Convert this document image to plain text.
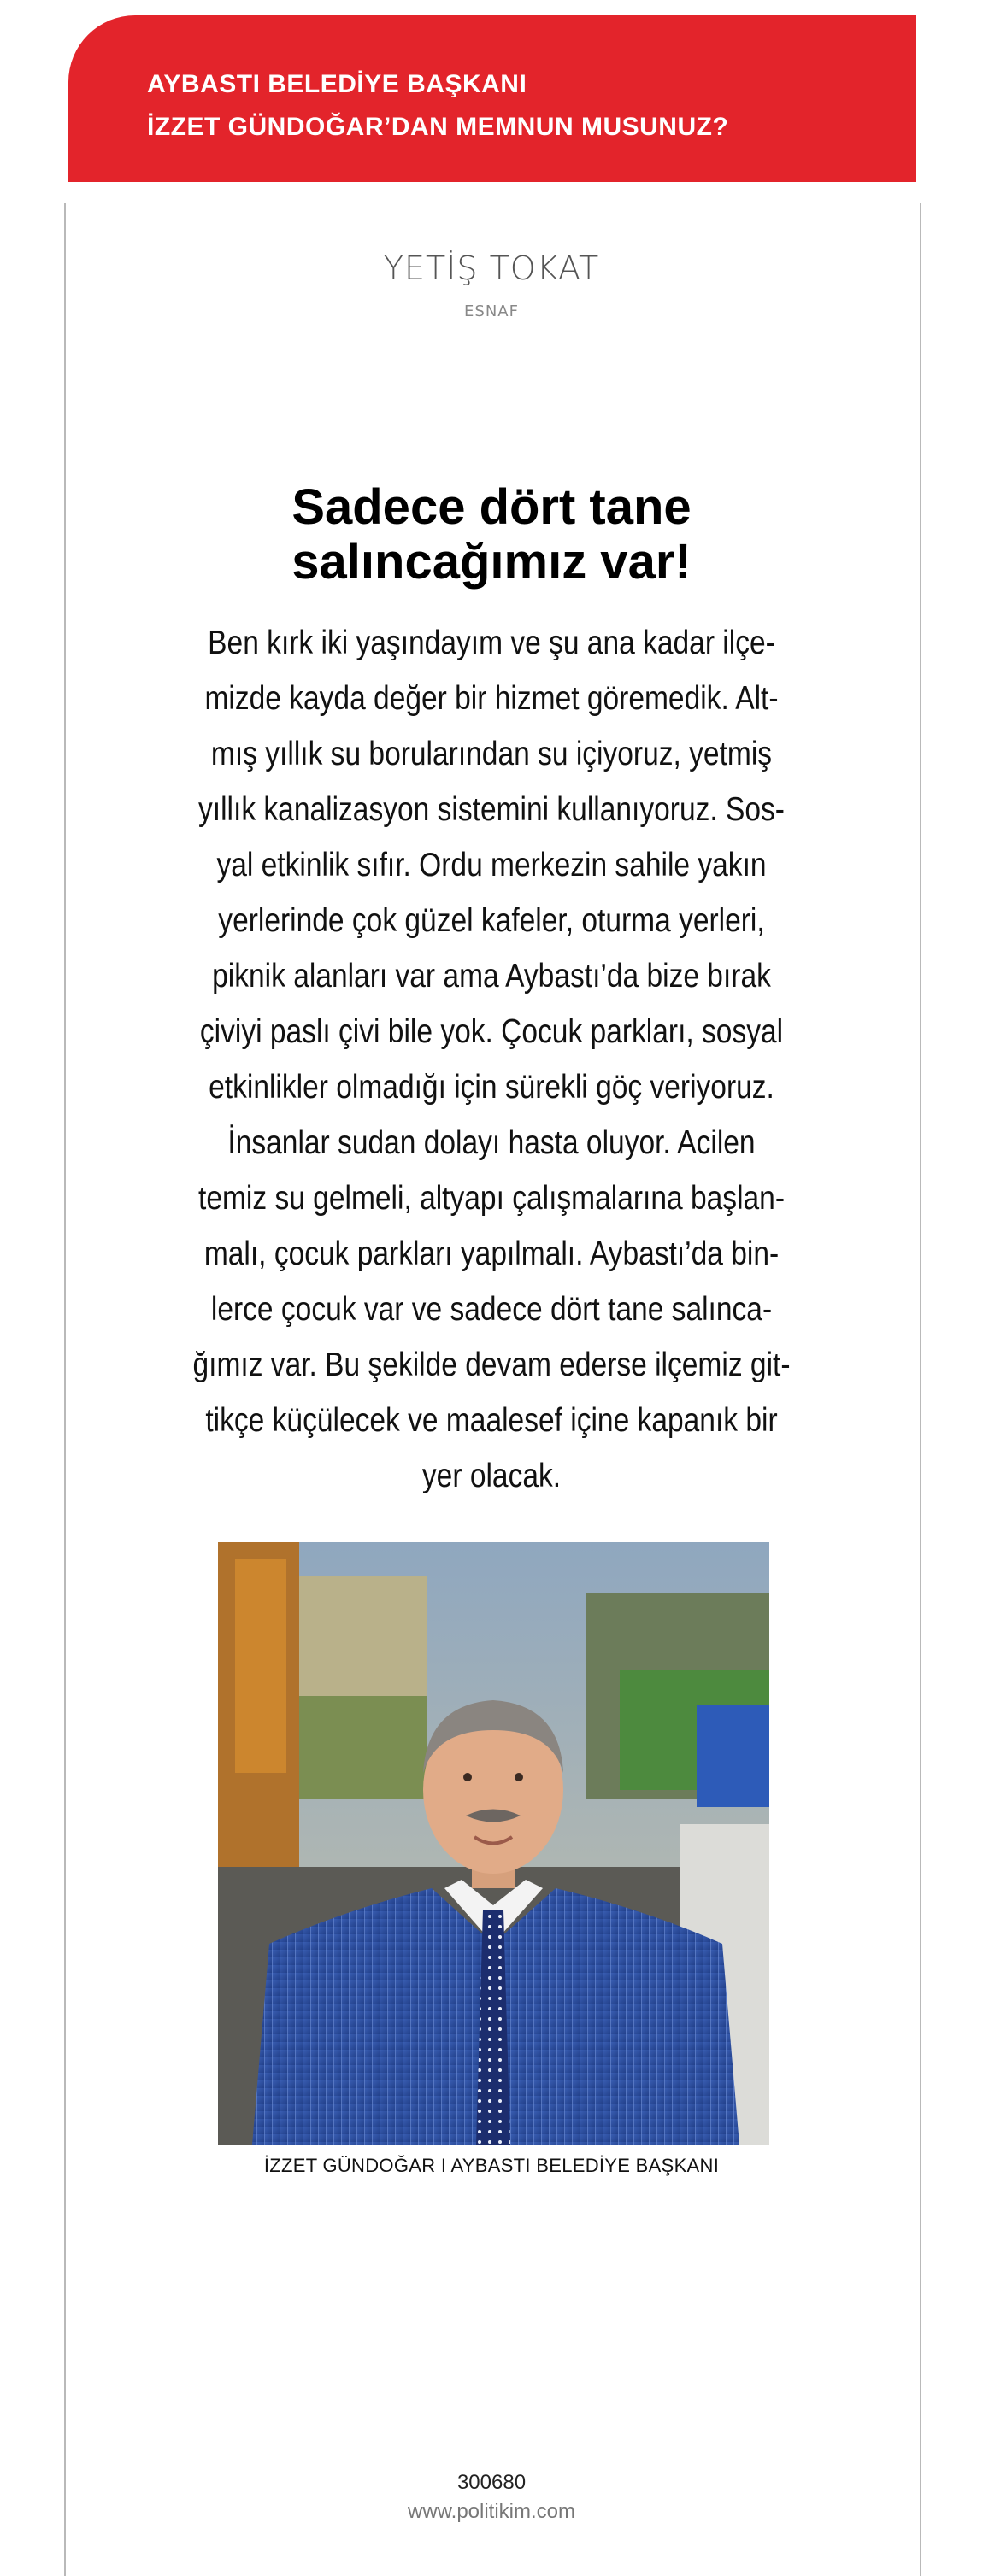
AYBASTI BELEDİYE BAŞKANI
İZZET GÜNDOĞAR’DAN MEMNUN MUSUNUZ?
YETİŞ TOKAT
ESNAF
Sadece dört tane
salıncağımız var!
Ben kırk iki yaşındayım ve şu ana kadar ilçe-
mizde kayda değer bir hizmet göremedik. Alt-
mış yıllık su borularından su içiyoruz, yetmiş
yıllık kanalizasyon sistemini kullanıyoruz. Sos-
yal etkinlik sıfır. Ordu merkezin sahile yakın
yerlerinde çok güzel kafeler, oturma yerleri,
piknik alanları var ama Aybastı’da bize bırak
çiviyi paslı çivi bile yok. Çocuk parkları, sosyal
etkinlikler olmadığı için sürekli göç veriyoruz.
İnsanlar sudan dolayı hasta oluyor. Acilen
temiz su gelmeli, altyapı çalışmalarına başlan-
malı, çocuk parkları yapılmalı. Aybastı’da bin-
lerce çocuk var ve sadece dört tane salınca-
ğımız var. Bu şekilde devam ederse ilçemiz git-
tikçe küçülecek ve maalesef içine kapanık bir
yer olacak.
İZZET GÜNDOĞAR I AYBASTI BELEDİYE BAŞKANI
300680
www.politikim.com
